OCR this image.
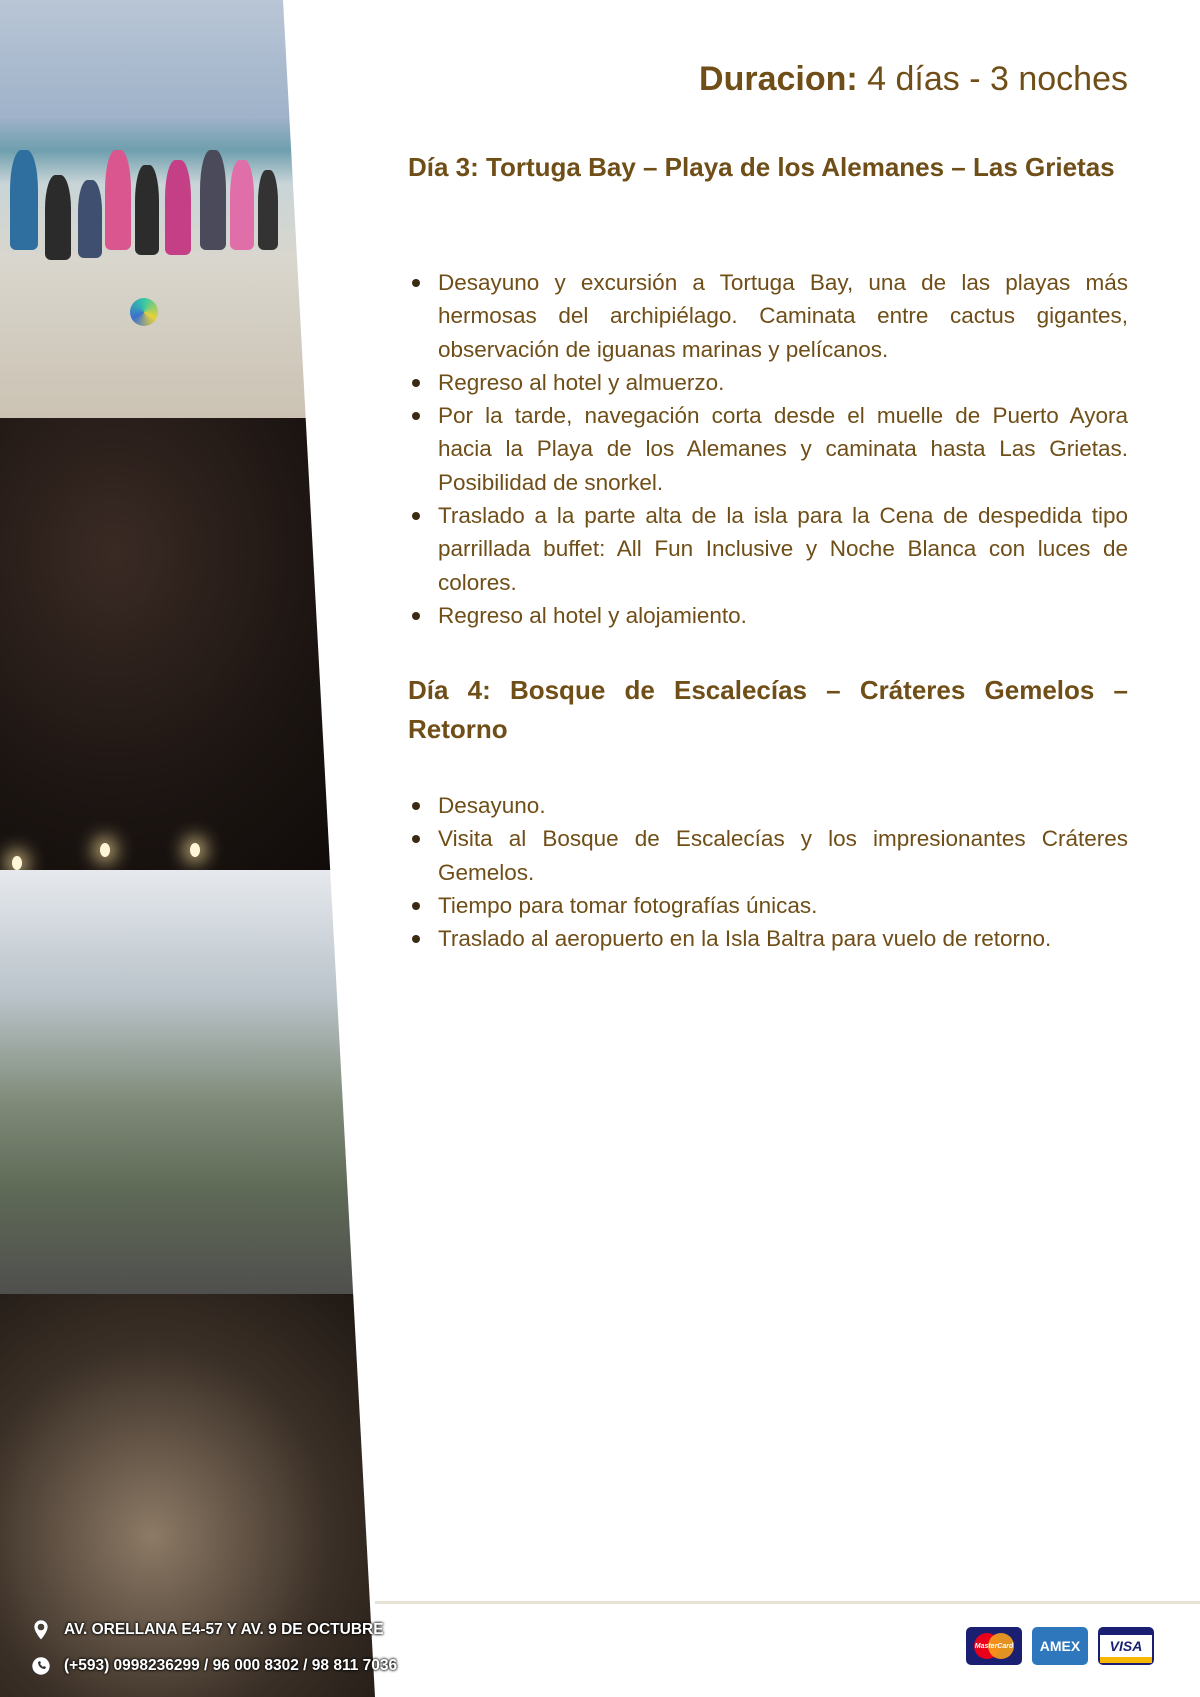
Duracion: 4 días - 3 noches
Día 3: Tortuga Bay – Playa de los Alemanes – Las Grietas
Desayuno y excursión a Tortuga Bay, una de las playas más hermosas del archipiélago. Caminata entre cactus gigantes, observación de iguanas marinas y pelícanos.
Regreso al hotel y almuerzo.
Por la tarde, navegación corta desde el muelle de Puerto Ayora hacia la Playa de los Alemanes y caminata hasta Las Grietas. Posibilidad de snorkel.
Traslado a la parte alta de la isla para la Cena de despedida tipo parrillada buffet: All Fun Inclusive y Noche Blanca con luces de colores.
Regreso al hotel y alojamiento.
Día 4: Bosque de Escalecías – Cráteres Gemelos – Retorno
Desayuno.
Visita al Bosque de Escalecías y los impresionantes Cráteres Gemelos.
Tiempo para tomar fotografías únicas.
Traslado al aeropuerto en la Isla Baltra para vuelo de retorno.
AV. ORELLANA E4-57 Y AV. 9 DE OCTUBRE
(+593) 0998236299 / 96 000 8302 / 98 811 7036
MasterCard	AMEX	VISA
